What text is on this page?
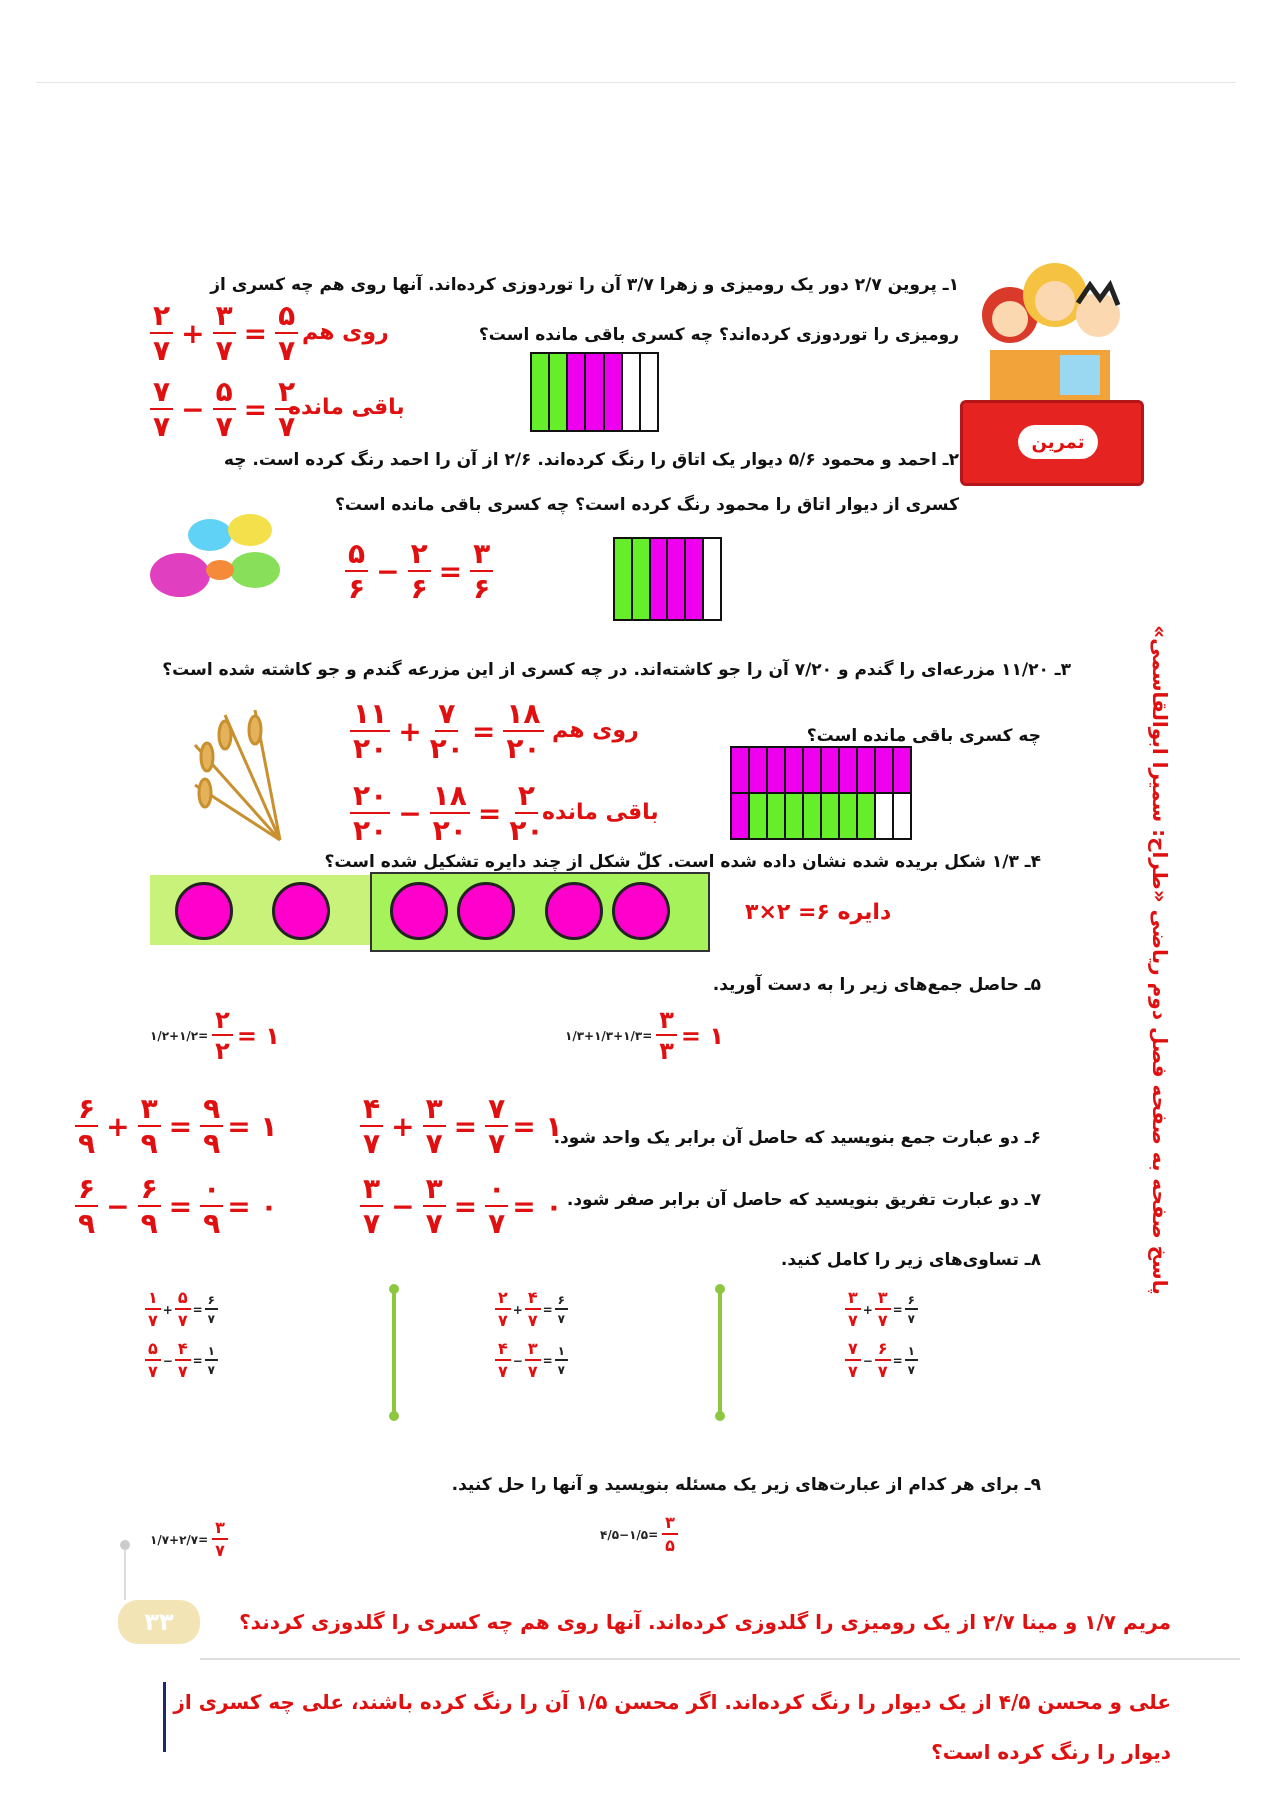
تمرین
۱ـ پروین ۲/۷ دور یک رومیزی و زهرا ۳/۷ آن را توردوزی کرده‌اند. آنها روی هم چه کسری از
رومیزی را توردوزی کرده‌اند؟ چه کسری باقی مانده است؟
$\frac{۲}{۷} + \frac{۳}{۷} = \frac{۵}{۷}$ روی هم
$\frac{۷}{۷} - \frac{۵}{۷} = \frac{۲}{۷}$
باقی مانده
۲ـ احمد و محمود ۵/۶ دیوار یک اتاق را رنگ کرده‌اند. ۲/۶ از آن را احمد رنگ کرده است. چه
کسری از دیوار اتاق را محمود رنگ کرده است؟ چه کسری باقی مانده است؟
$\frac{۵}{۶} - \frac{۲}{۶} = \frac{۳}{۶}$
پاسخ صفحه به صفحه فصل دوم ریاضی «طراح: سمیرا ابوالقاسمی»
۳ـ ۱۱/۲۰ مزرعه‌ای را گندم و ۷/۲۰ آن را جو کاشته‌اند. در چه کسری از این مزرعه گندم و جو کاشته شده است؟
چه کسری باقی مانده است؟
$\frac{۱۱}{۲۰} + \frac{۷}{۲۰} = \frac{۱۸}{۲۰}$ روی هم
$\frac{۲۰}{۲۰} - \frac{۱۸}{۲۰} = \frac{۲}{۲۰}$
باقی مانده
۴ـ ۱/۳ شکل بریده شده نشان داده شده است. کلّ شکل از چند دایره تشکیل شده است؟
دایره ۶= ۲×۳
۵ـ حاصل جمع‌های زیر را به دست آورید.
۱/۲+۱/۲= $\frac{۲}{۲}$ = ۱	۱/۳+۱/۳+۱/۳= $\frac{۳}{۳}$ = ۱
۶ـ دو عبارت جمع بنویسید که حاصل آن برابر یک واحد شود.
$\frac{۴}{۷} + \frac{۳}{۷} = \frac{۷}{۷}$ = ۱
$\frac{۶}{۹} + \frac{۳}{۹} = \frac{۹}{۹}$ = ۱
۷ـ دو عبارت تفریق بنویسید که حاصل آن برابر صفر شود.
$\frac{۳}{۷} - \frac{۳}{۷} = \frac{۰}{۷}$ = ۰
$\frac{۶}{۹} - \frac{۶}{۹} = \frac{۰}{۹}$ = ۰
۸ـ تساوی‌های زیر را کامل کنید.
$\frac{۳}{۷} + \frac{۳}{۷} = \frac{۶}{۷}$
$\frac{۷}{۷} - \frac{۶}{۷} = \frac{۱}{۷}$
$\frac{۲}{۷} + \frac{۴}{۷} = \frac{۶}{۷}$
$\frac{۴}{۷} - \frac{۳}{۷} = \frac{۱}{۷}$
$\frac{۱}{۷} + \frac{۵}{۷} = \frac{۶}{۷}$
$\frac{۵}{۷} - \frac{۴}{۷} = \frac{۱}{۷}$
۹ـ برای هر کدام از عبارت‌های زیر یک مسئله بنویسید و آنها را حل کنید.
۴/۵−۱/۵= $\frac{۳}{۵}$
۱/۷+۲/۷= $\frac{۳}{۷}$
۳۳	مریم ۱/۷ و مینا ۲/۷ از یک رومیزی را گلدوزی کرده‌اند. آنها روی هم چه کسری را گلدوزی کردند؟
علی و محسن ۴/۵ از یک دیوار را رنگ کرده‌اند. اگر محسن ۱/۵ آن را رنگ کرده باشند، علی چه کسری از
دیوار را رنگ کرده است؟
